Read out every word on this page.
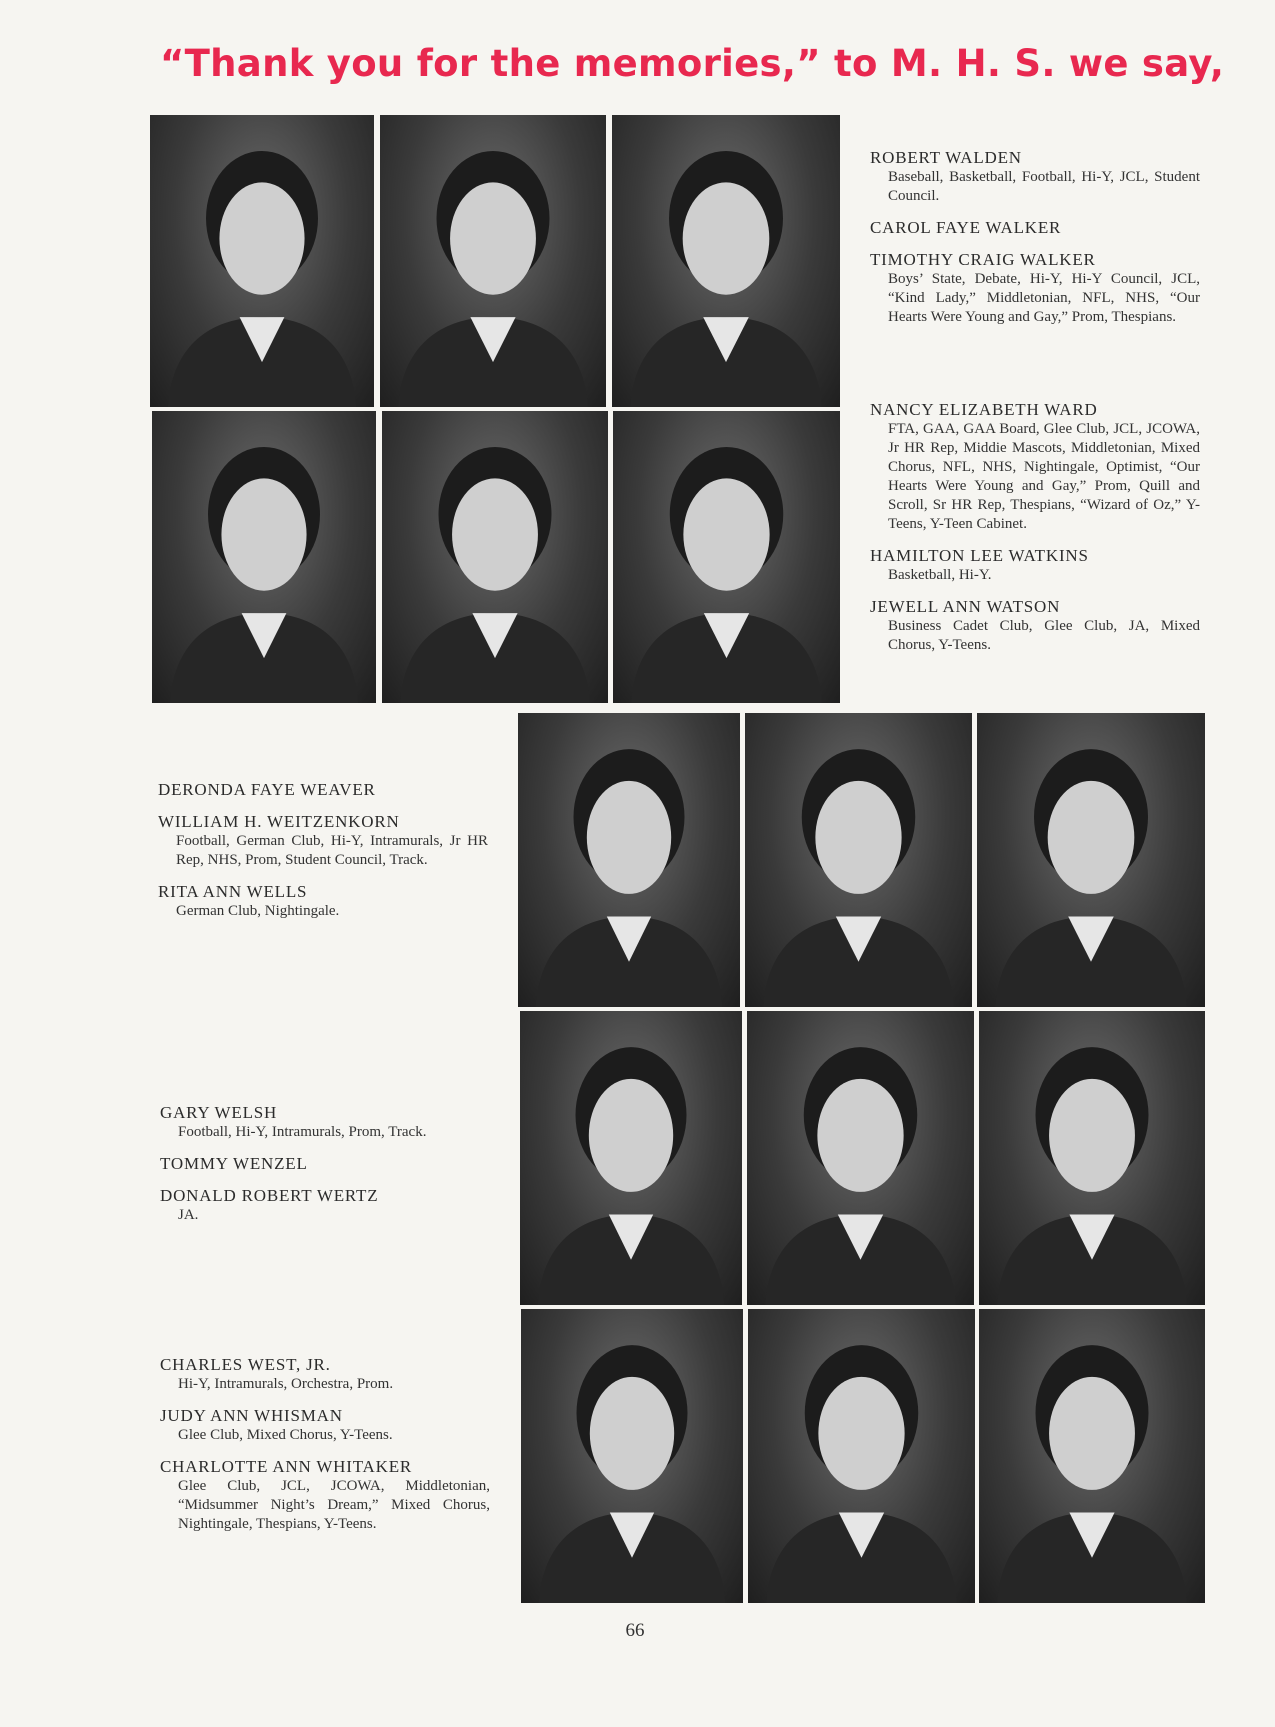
“Thank you for the memories,” to M. H. S. we say,
ROBERT WALDEN
Baseball, Basketball, Football, Hi-Y, JCL, Student Council.
CAROL FAYE WALKER
TIMOTHY CRAIG WALKER
Boys’ State, Debate, Hi-Y, Hi-Y Council, JCL, “Kind Lady,” Middletonian, NFL, NHS, “Our Hearts Were Young and Gay,” Prom, Thespians.
NANCY ELIZABETH WARD
FTA, GAA, GAA Board, Glee Club, JCL, JCOWA, Jr HR Rep, Middie Mascots, Middletonian, Mixed Chorus, NFL, NHS, Nightingale, Optimist, “Our Hearts Were Young and Gay,” Prom, Quill and Scroll, Sr HR Rep, Thespians, “Wizard of Oz,” Y-Teens, Y-Teen Cabinet.
HAMILTON LEE WATKINS
Basketball, Hi-Y.
JEWELL ANN WATSON
Business Cadet Club, Glee Club, JA, Mixed Chorus, Y-Teens.
DERONDA FAYE WEAVER
WILLIAM H. WEITZENKORN
Football, German Club, Hi-Y, Intramurals, Jr HR Rep, NHS, Prom, Student Council, Track.
RITA ANN WELLS
German Club, Nightingale.
GARY WELSH
Football, Hi-Y, Intramurals, Prom, Track.
TOMMY WENZEL
DONALD ROBERT WERTZ
JA.
CHARLES WEST, JR.
Hi-Y, Intramurals, Orchestra, Prom.
JUDY ANN WHISMAN
Glee Club, Mixed Chorus, Y-Teens.
CHARLOTTE ANN WHITAKER
Glee Club, JCL, JCOWA, Middletonian, “Midsummer Night’s Dream,” Mixed Chorus, Nightingale, Thespians, Y-Teens.

66
